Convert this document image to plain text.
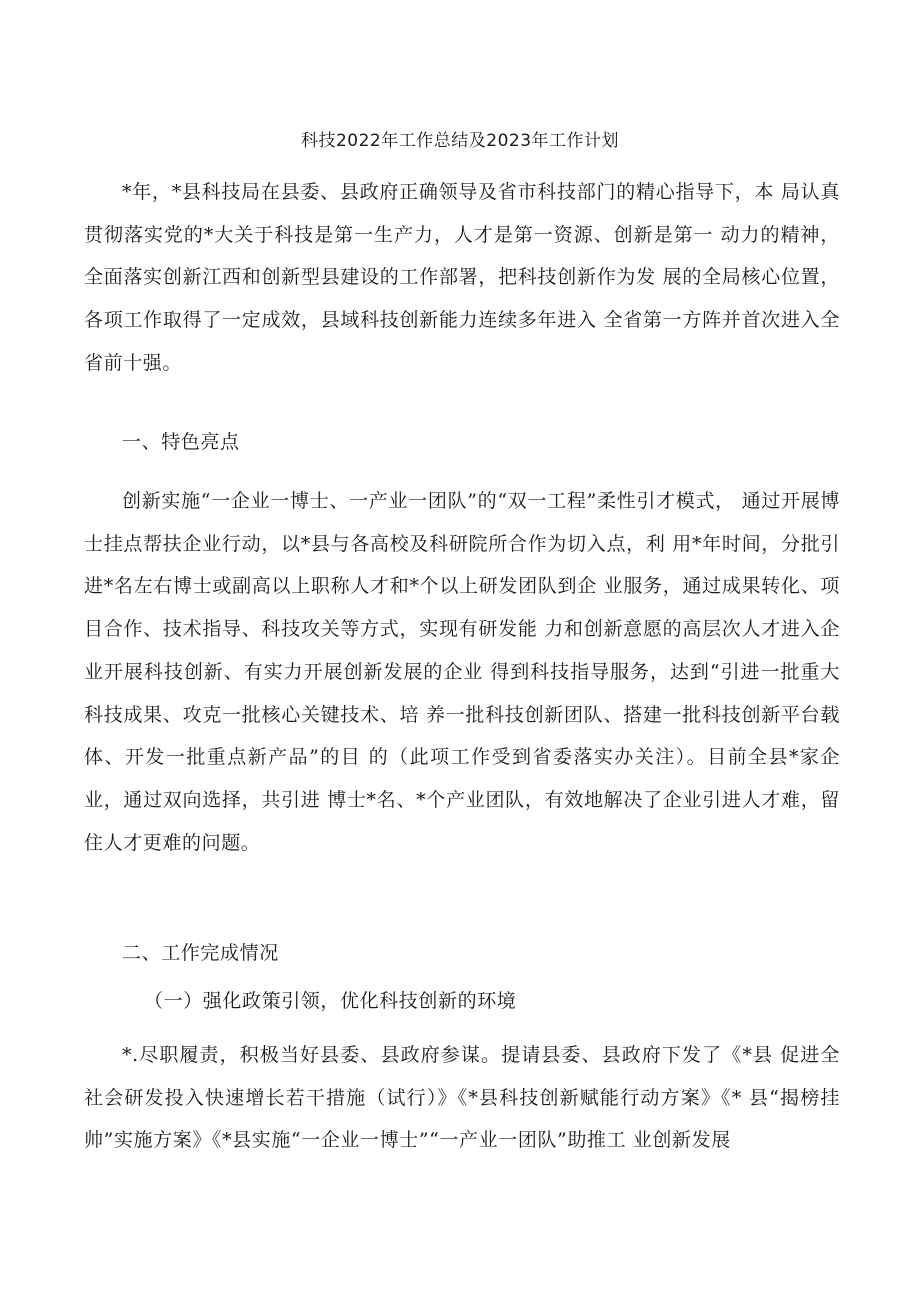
科技2022年工作总结及2023年工作计划

*年，*县科技局在县委、县政府正确领导及省市科技部门的精心指导下，本 局认真贯彻落实党的*大关于科技是第一生产力，人才是第一资源、创新是第一 动力的精神，全面落实创新江西和创新型县建设的工作部署，把科技创新作为发 展的全局核心位置，各项工作取得了一定成效，县域科技创新能力连续多年进入 全省第一方阵并首次进入全省前十强。

一、特色亮点

创新实施“一企业一博士、一产业一团队”的“双一工程”柔性引才模式， 通过开展博士挂点帮扶企业行动，以*县与各高校及科研院所合作为切入点，利 用*年时间，分批引进*名左右博士或副高以上职称人才和*个以上研发团队到企 业服务，通过成果转化、项目合作、技术指导、科技攻关等方式，实现有研发能 力和创新意愿的高层次人才进入企业开展科技创新、有实力开展创新发展的企业 得到科技指导服务，达到“引进一批重大科技成果、攻克一批核心关键技术、培 养一批科技创新团队、搭建一批科技创新平台载体、开发一批重点新产品”的目 的（此项工作受到省委落实办关注）。目前全县*家企业，通过双向选择，共引进 博士*名、*个产业团队，有效地解决了企业引进人才难，留住人才更难的问题。

二、工作完成情况

（一）强化政策引领，优化科技创新的环境

*.尽职履责，积极当好县委、县政府参谋。提请县委、县政府下发了《*县 促进全社会研发投入快速增长若干措施（试行）》《*县科技创新赋能行动方案》《* 县“揭榜挂帅”实施方案》《*县实施“一企业一博士”“一产业一团队”助推工 业创新发展
